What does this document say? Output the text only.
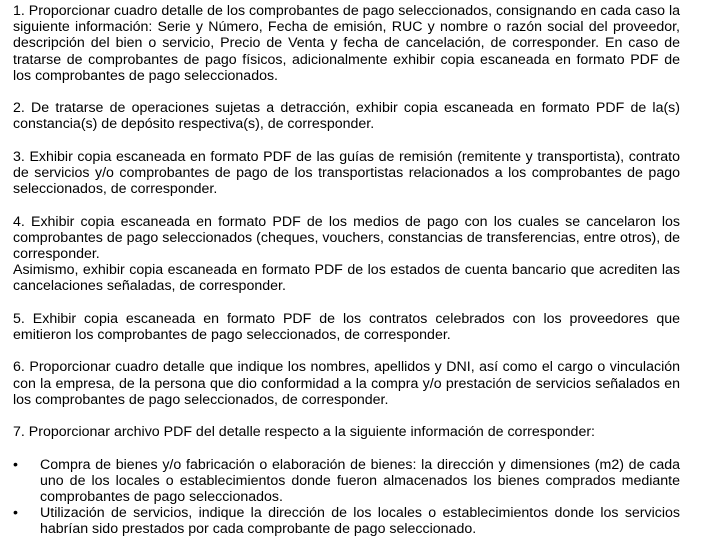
1. Proporcionar cuadro detalle de los comprobantes de pago seleccionados, consignando en cada caso la siguiente información: Serie y Número, Fecha de emisión, RUC y nombre o razón social del proveedor, descripción del bien o servicio, Precio de Venta y fecha de cancelación, de corresponder. En caso de tratarse de comprobantes de pago físicos, adicionalmente exhibir copia escaneada en formato PDF de los comprobantes de pago seleccionados.

2. De tratarse de operaciones sujetas a detracción, exhibir copia escaneada en formato PDF de la(s) constancia(s) de depósito respectiva(s), de corresponder.

3. Exhibir copia escaneada en formato PDF de las guías de remisión (remitente y transportista), contrato de servicios y/o comprobantes de pago de los transportistas relacionados a los comprobantes de pago seleccionados, de corresponder.

4. Exhibir copia escaneada en formato PDF de los medios de pago con los cuales se cancelaron los comprobantes de pago seleccionados (cheques, vouchers, constancias de transferencias, entre otros), de corresponder.
Asimismo, exhibir copia escaneada en formato PDF de los estados de cuenta bancario que acrediten las cancelaciones señaladas, de corresponder.

5. Exhibir copia escaneada en formato PDF de los contratos celebrados con los proveedores que emitieron los comprobantes de pago seleccionados, de corresponder.

6. Proporcionar cuadro detalle que indique los nombres, apellidos y DNI, así como el cargo o vinculación con la empresa, de la persona que dio conformidad a la compra y/o prestación de servicios señalados en los comprobantes de pago seleccionados, de corresponder.

7. Proporcionar archivo PDF del detalle respecto a la siguiente información de corresponder:

•	Compra de bienes y/o fabricación o elaboración de bienes: la dirección y dimensiones (m2) de cada uno de los locales o establecimientos donde fueron almacenados los bienes comprados mediante comprobantes de pago seleccionados.
•	Utilización de servicios, indique la dirección de los locales o establecimientos donde los servicios habrían sido prestados por cada comprobante de pago seleccionado.
